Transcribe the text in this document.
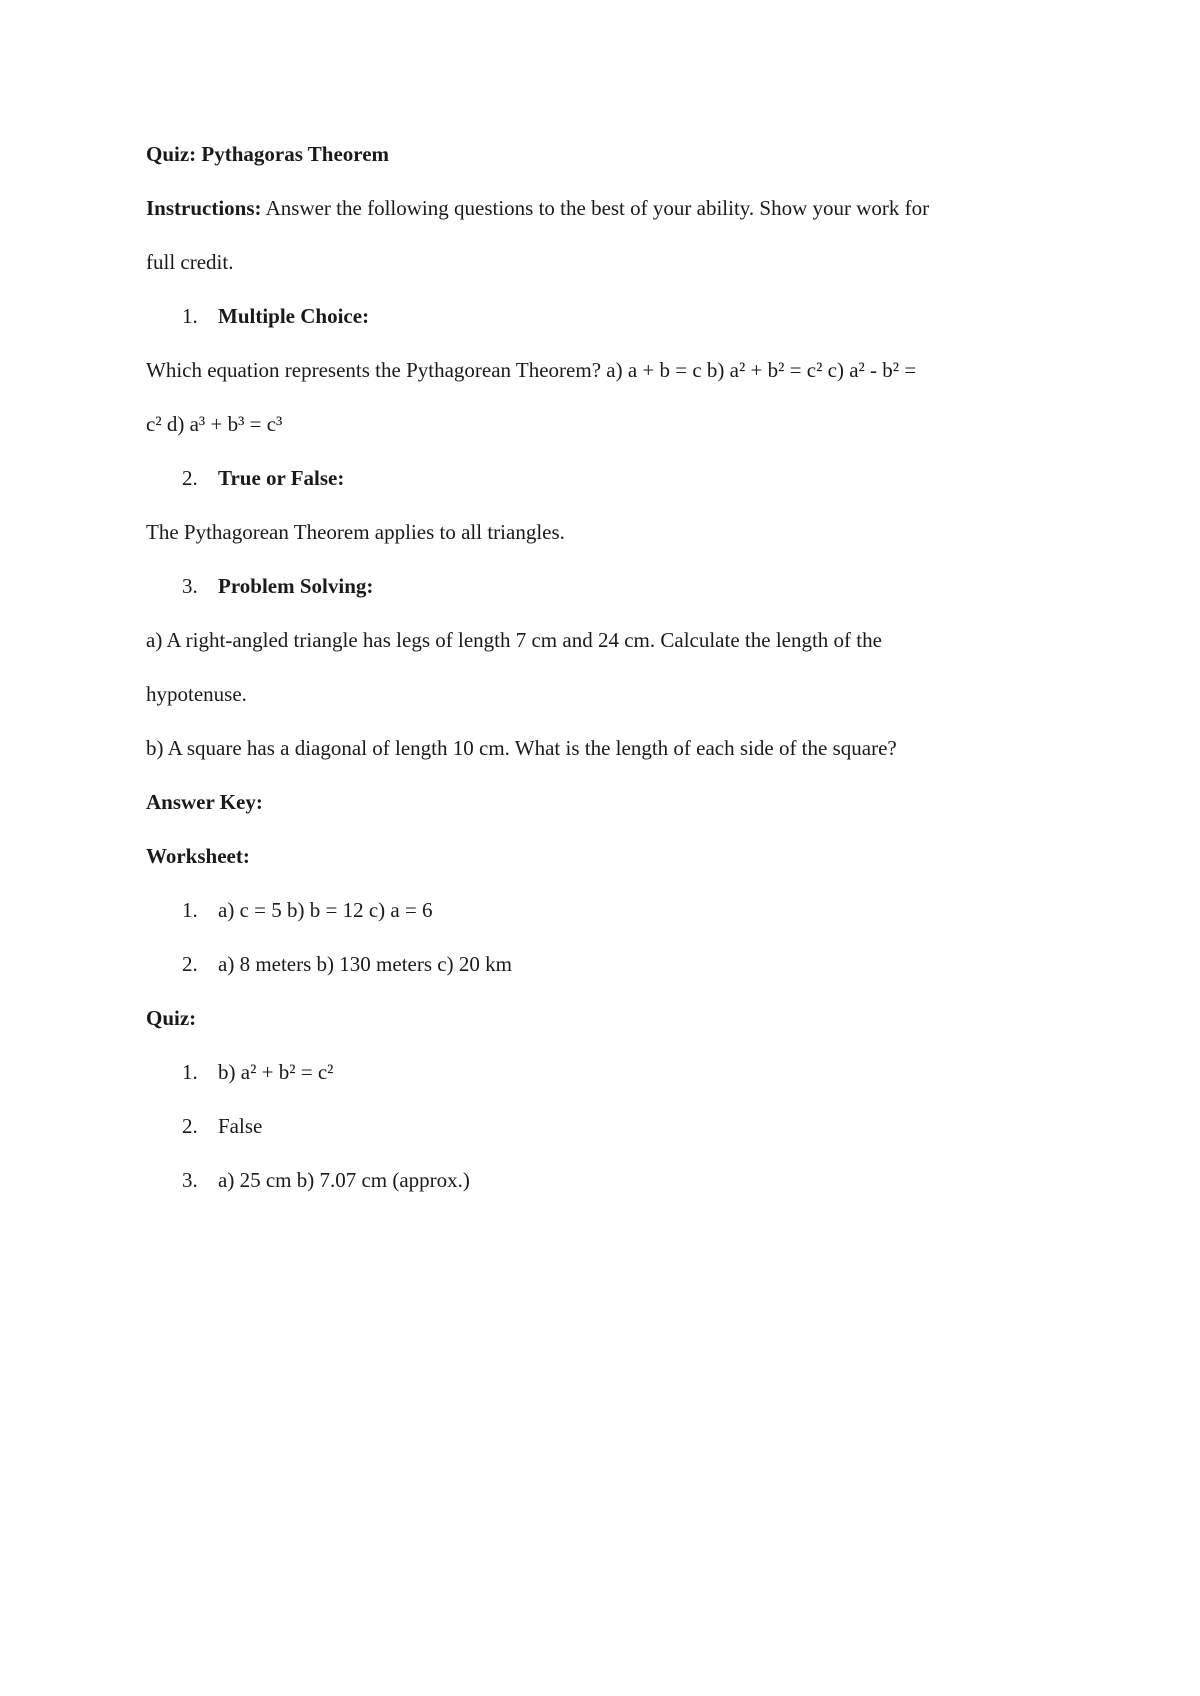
Quiz: Pythagoras Theorem
Instructions: Answer the following questions to the best of your ability. Show your work for
full credit.
1. Multiple Choice:
Which equation represents the Pythagorean Theorem? a) a + b = c b) a² + b² = c² c) a² - b² =
c² d) a³ + b³ = c³
2. True or False:
The Pythagorean Theorem applies to all triangles.
3. Problem Solving:
a) A right-angled triangle has legs of length 7 cm and 24 cm. Calculate the length of the
hypotenuse.
b) A square has a diagonal of length 10 cm. What is the length of each side of the square?
Answer Key:
Worksheet:
1. a) c = 5 b) b = 12 c) a = 6
2. a) 8 meters b) 130 meters c) 20 km
Quiz:
1. b) a² + b² = c²
2. False
3. a) 25 cm b) 7.07 cm (approx.)
